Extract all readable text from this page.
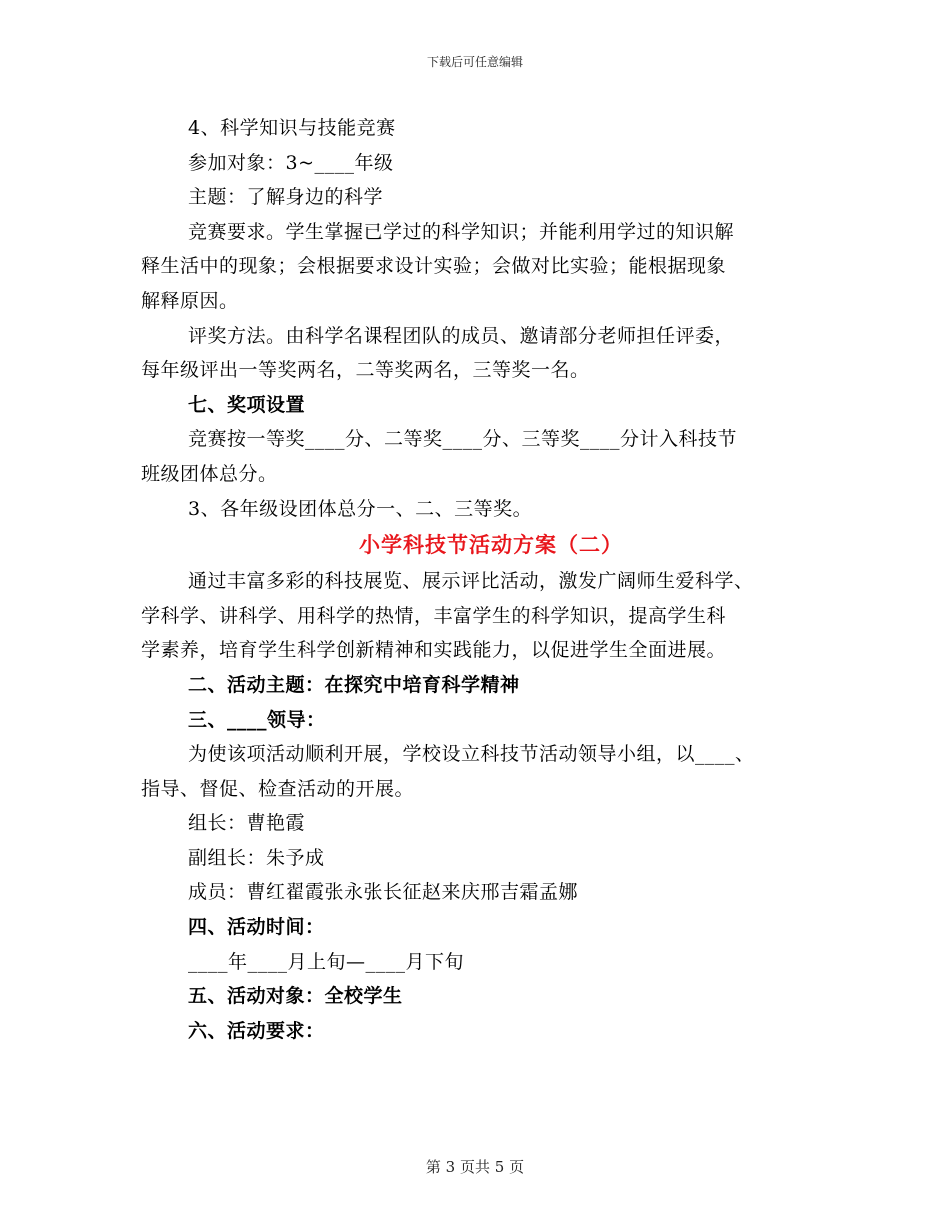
下载后可任意编辑
4、科学知识与技能竞赛
参加对象：3~____年级
主题：了解身边的科学
竞赛要求。学生掌握已学过的科学知识；并能利用学过的知识解
释生活中的现象；会根据要求设计实验；会做对比实验；能根据现象
解释原因。
评奖方法。由科学名课程团队的成员、邀请部分老师担任评委，
每年级评出一等奖两名，二等奖两名，三等奖一名。
七、奖项设置
竞赛按一等奖____分、二等奖____分、三等奖____分计入科技节
班级团体总分。
3、各年级设团体总分一、二、三等奖。
小学科技节活动方案（二）
通过丰富多彩的科技展览、展示评比活动，激发广阔师生爱科学、
学科学、讲科学、用科学的热情，丰富学生的科学知识，提高学生科
学素养，培育学生科学创新精神和实践能力，以促进学生全面进展。
二、活动主题：在探究中培育科学精神
三、____领导：
为使该项活动顺利开展，学校设立科技节活动领导小组，以____、
指导、督促、检查活动的开展。
组长：曹艳霞
副组长：朱予成
成员：曹红翟霞张永张长征赵来庆邢吉霜孟娜
四、活动时间：
____年____月上旬—____月下旬
五、活动对象：全校学生
六、活动要求：
第 3 页共 5 页
